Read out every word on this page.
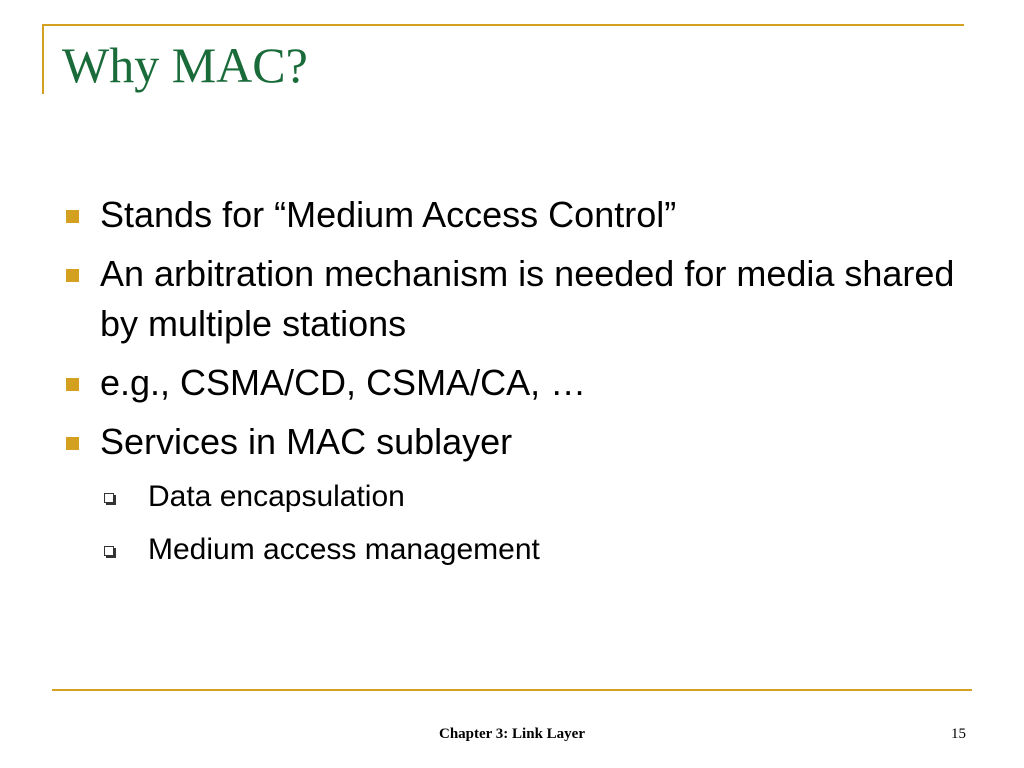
Why MAC?
Stands for “Medium Access Control”
An arbitration mechanism is needed for media shared by multiple stations
e.g., CSMA/CD, CSMA/CA, …
Services in MAC sublayer
Data encapsulation
Medium access management
Chapter 3: Link Layer	15
